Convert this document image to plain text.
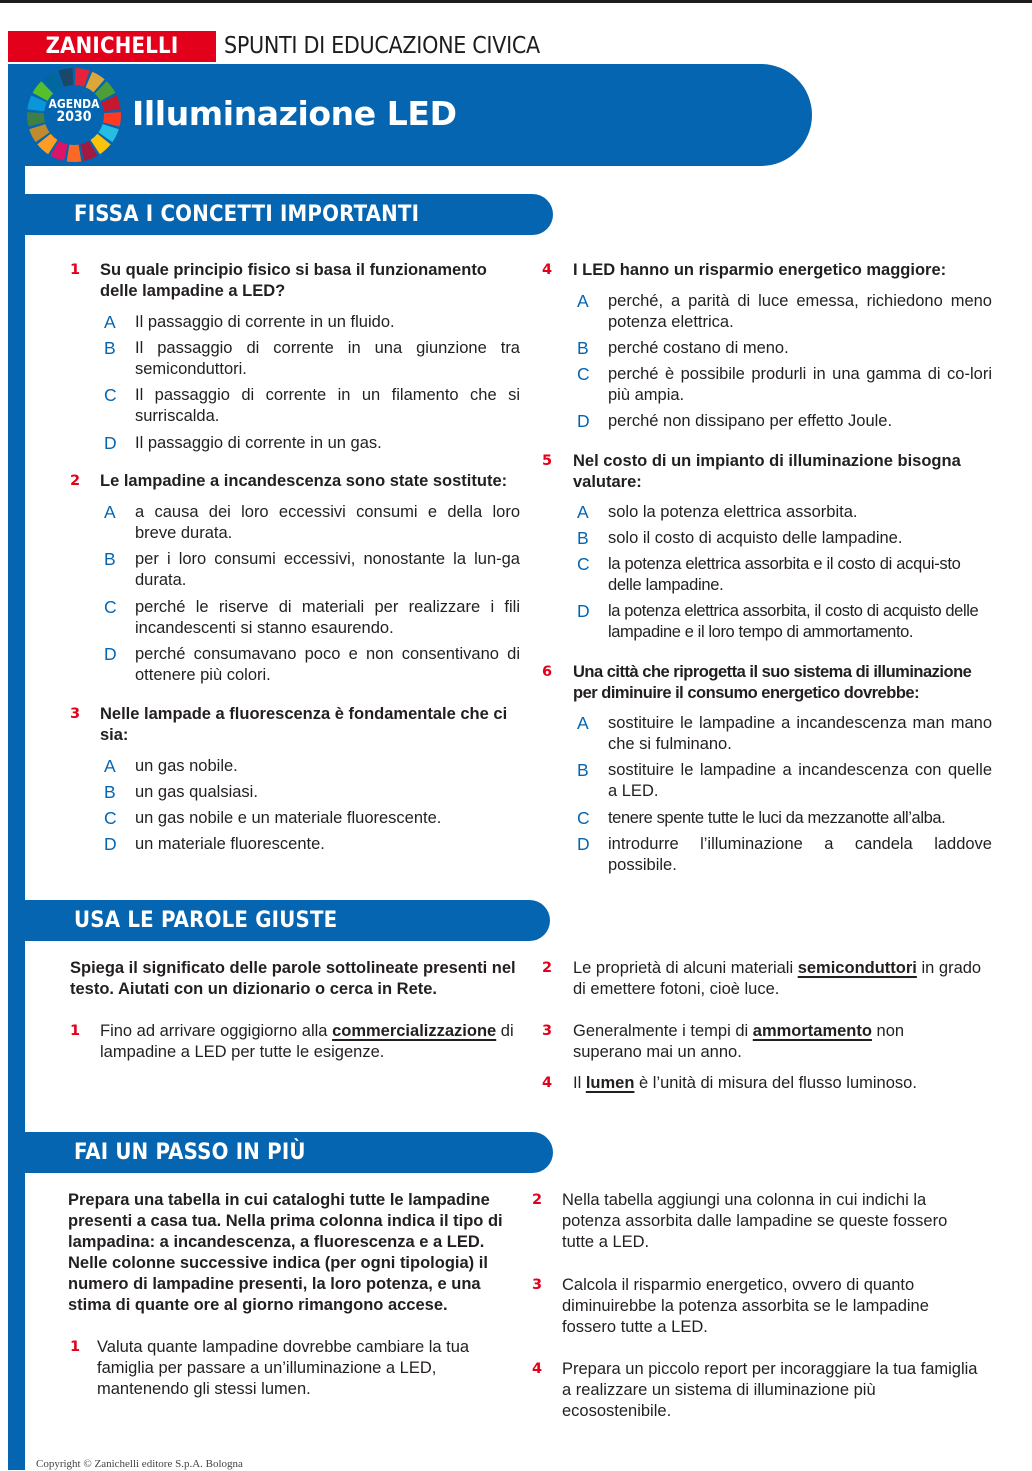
ZANICHELLI	SPUNTI DI EDUCAZIONE CIVICA
AGENDA
2030	Illuminazione LED
FISSA I CONCETTI IMPORTANTI
1 Su quale principio fisico si basa il funzionamento delle lampadine a LED?
A Il passaggio di corrente in un fluido.
B Il passaggio di corrente in una giunzione tra semiconduttori.
C Il passaggio di corrente in un filamento che si surriscalda.
D Il passaggio di corrente in un gas.
2 Le lampadine a incandescenza sono state sostitute:
A a causa dei loro eccessivi consumi e della loro breve durata.
B per i loro consumi eccessivi, nonostante la lun-ga durata.
C perché le riserve di materiali per realizzare i fili incandescenti si stanno esaurendo.
D perché consumavano poco e non consentivano di ottenere più colori.
3 Nelle lampade a fluorescenza è fondamentale che ci sia:
A un gas nobile.
B un gas qualsiasi.
C un gas nobile e un materiale fluorescente.
D un materiale fluorescente.
4 I LED hanno un risparmio energetico maggiore:
A perché, a parità di luce emessa, richiedono meno potenza elettrica.
B perché costano di meno.
C perché è possibile produrli in una gamma di co-lori più ampia.
D perché non dissipano per effetto Joule.
5 Nel costo di un impianto di illuminazione bisogna valutare:
A solo la potenza elettrica assorbita.
B solo il costo di acquisto delle lampadine.
C la potenza elettrica assorbita e il costo di acqui-sto delle lampadine.
D la potenza elettrica assorbita, il costo di acquisto delle lampadine e il loro tempo di ammortamento.
6 Una città che riprogetta il suo sistema di illuminazione per diminuire il consumo energetico dovrebbe:
A sostituire le lampadine a incandescenza man mano che si fulminano.
B sostituire le lampadine a incandescenza con quelle a LED.
C tenere spente tutte le luci da mezzanotte all’alba.
D introdurre l’illuminazione a candela laddove possibile.
USA LE PAROLE GIUSTE
Spiega il significato delle parole sottolineate presenti nel testo. Aiutati con un dizionario o cerca in Rete.
1 Fino ad arrivare oggigiorno alla commercializzazione di lampadine a LED per tutte le esigenze.
2 Le proprietà di alcuni materiali semiconduttori in grado di emettere fotoni, cioè luce.
3 Generalmente i tempi di ammortamento non superano mai un anno.
4 Il lumen è l’unità di misura del flusso luminoso.
FAI UN PASSO IN PIÙ
Prepara una tabella in cui cataloghi tutte le lampadine presenti a casa tua. Nella prima colonna indica il tipo di lampadina: a incandescenza, a fluorescenza e a LED. Nelle colonne successive indica (per ogni tipologia) il numero di lampadine presenti, la loro potenza, e una stima di quante ore al giorno rimangono accese.
1 Valuta quante lampadine dovrebbe cambiare la tua famiglia per passare a un’illuminazione a LED, mantenendo gli stessi lumen.
2 Nella tabella aggiungi una colonna in cui indichi la potenza assorbita dalle lampadine se queste fossero tutte a LED.
3 Calcola il risparmio energetico, ovvero di quanto diminuirebbe la potenza assorbita se le lampadine fossero tutte a LED.
4 Prepara un piccolo report per incoraggiare la tua famiglia a realizzare un sistema di illuminazione più ecosostenibile.
Copyright © Zanichelli editore S.p.A. Bologna
